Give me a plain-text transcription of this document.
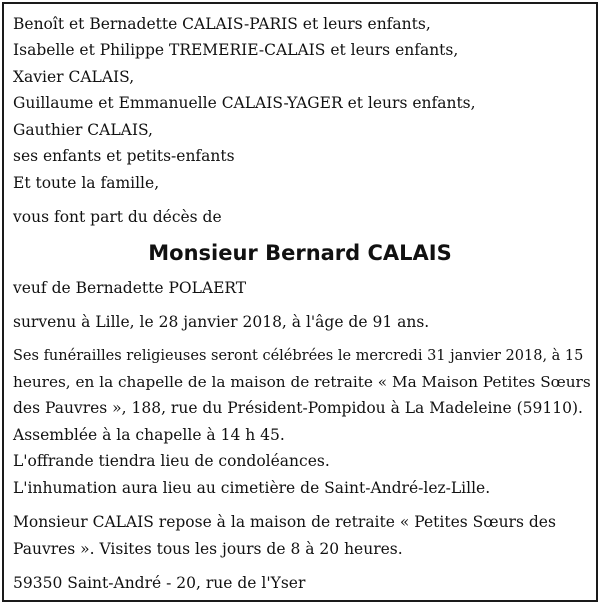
Benoît et Bernadette CALAIS-PARIS et leurs enfants,

Isabelle et Philippe TREMERIE-CALAIS et leurs enfants,

Xavier CALAIS,

Guillaume et Emmanuelle CALAIS-YAGER et leurs enfants,

Gauthier CALAIS,

ses enfants et petits-enfants

Et toute la famille,

vous font part du décès de

Monsieur Bernard CALAIS

veuf de Bernadette POLAERT

survenu à Lille, le 28 janvier 2018, à l'âge de 91 ans.

Ses funérailles religieuses seront célébrées le mercredi 31 janvier 2018, à 15

heures, en la chapelle de la maison de retraite « Ma Maison Petites Sœurs

des Pauvres », 188, rue du Président-Pompidou à La Madeleine (59110).

Assemblée à la chapelle à 14 h 45.

L'offrande tiendra lieu de condoléances.

L'inhumation aura lieu au cimetière de Saint-André-lez-Lille.

Monsieur CALAIS repose à la maison de retraite « Petites Sœurs des

Pauvres ». Visites tous les jours de 8 à 20 heures.

59350 Saint-André - 20, rue de l'Yser
